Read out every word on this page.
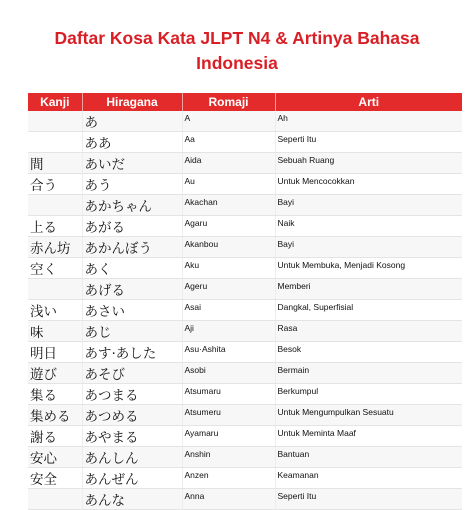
Daftar Kosa Kata JLPT N4 & Artinya Bahasa
Indonesia
Kanji	Hiragana	Romaji	Arti
	あ	A	Ah
	ああ	Aa	Seperti Itu
間	あいだ	Aida	Sebuah Ruang
合う	あう	Au	Untuk Mencocokkan
	あかちゃん	Akachan	Bayi
上る	あがる	Agaru	Naik
赤ん坊	あかんぼう	Akanbou	Bayi
空く	あく	Aku	Untuk Membuka, Menjadi Kosong
	あげる	Ageru	Memberi
浅い	あさい	Asai	Dangkal, Superfisial
味	あじ	Aji	Rasa
明日	あす·あした	Asu·Ashita	Besok
遊び	あそび	Asobi	Bermain
集る	あつまる	Atsumaru	Berkumpul
集める	あつめる	Atsumeru	Untuk Mengumpulkan Sesuatu
謝る	あやまる	Ayamaru	Untuk Meminta Maaf
安心	あんしん	Anshin	Bantuan
安全	あんぜん	Anzen	Keamanan
	あんな	Anna	Seperti Itu
